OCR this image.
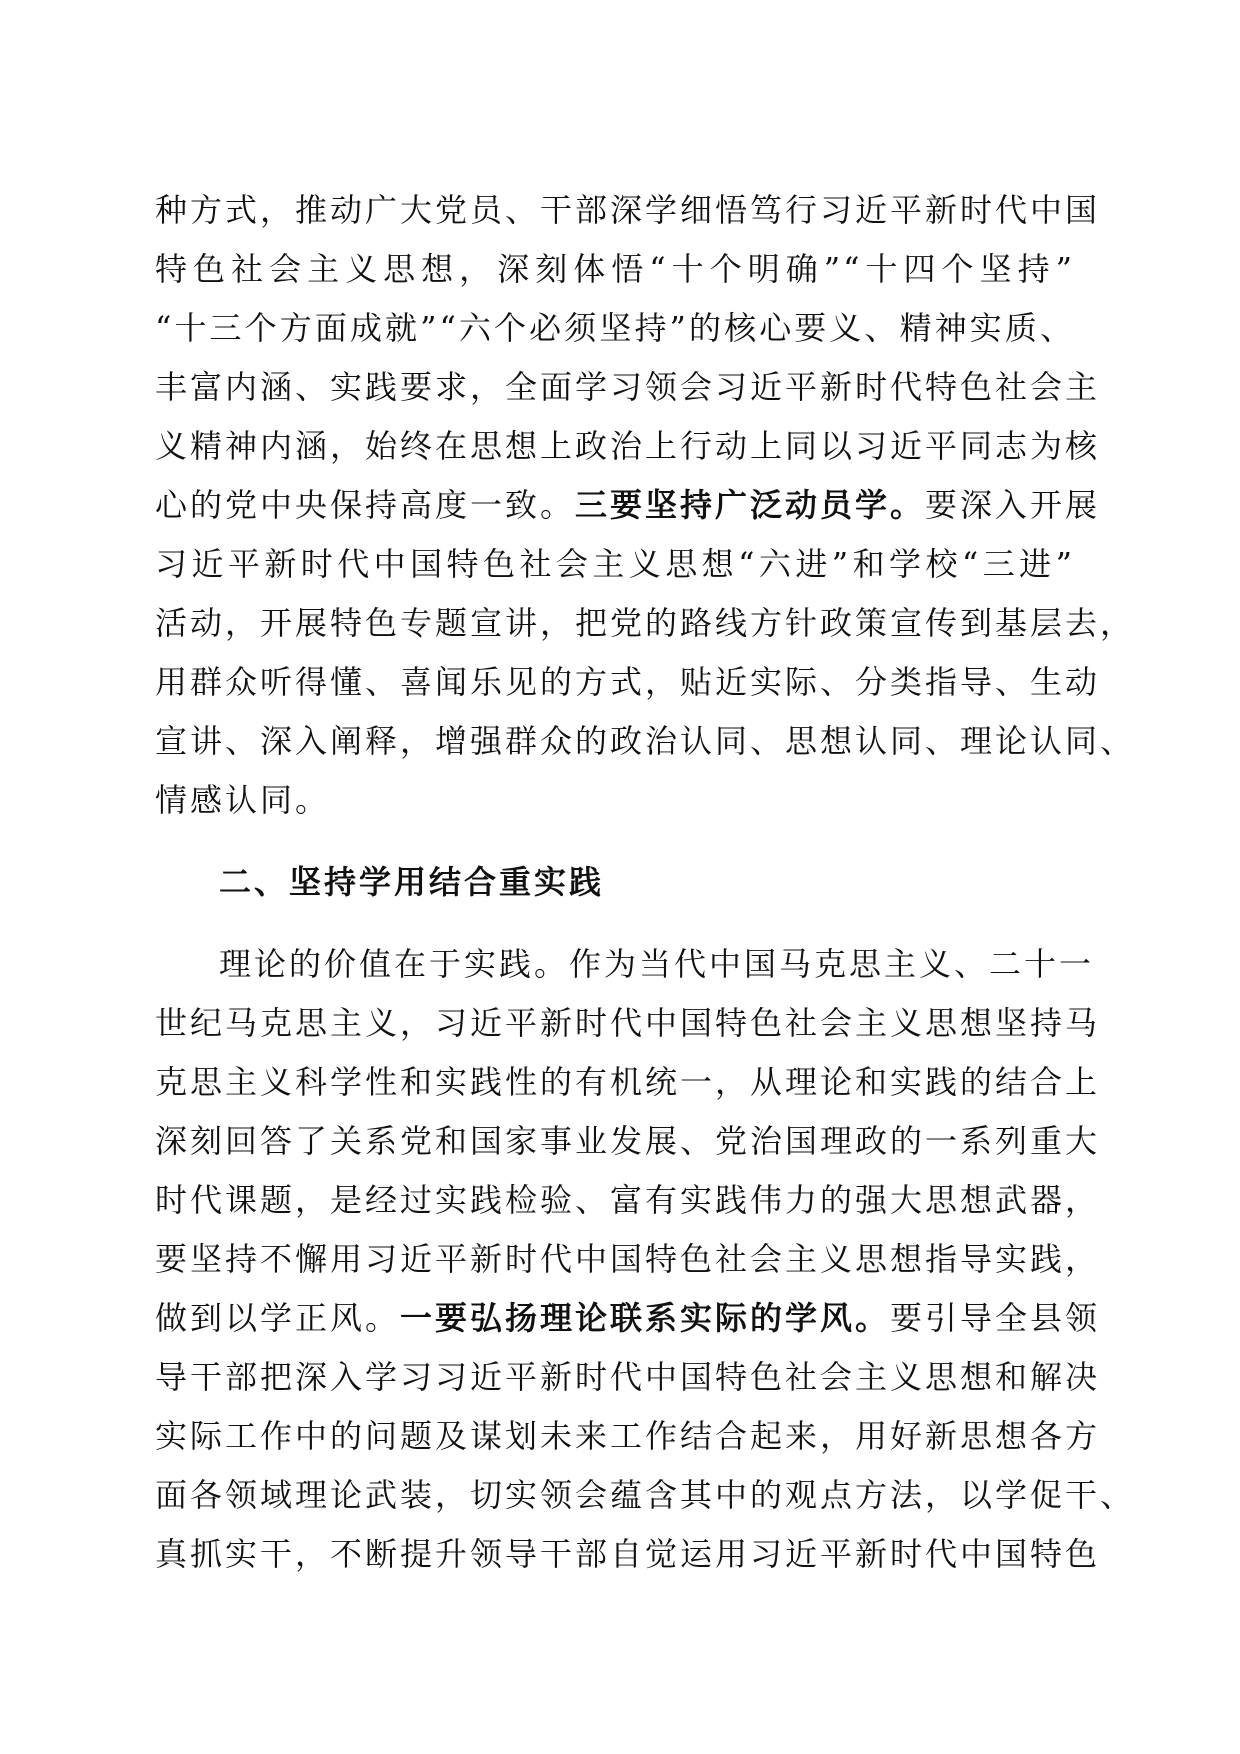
种方式，推动广大党员、干部深学细悟笃行习近平新时代中国
特色社会主义思想，深刻体悟“十个明确”“十四个坚持”
“十三个方面成就”“六个必须坚持”的核心要义、精神实质、
丰富内涵、实践要求，全面学习领会习近平新时代特色社会主
义精神内涵，始终在思想上政治上行动上同以习近平同志为核
心的党中央保持高度一致。三要坚持广泛动员学。要深入开展
习近平新时代中国特色社会主义思想“六进”和学校“三进”
活动，开展特色专题宣讲，把党的路线方针政策宣传到基层去，
用群众听得懂、喜闻乐见的方式，贴近实际、分类指导、生动
宣讲、深入阐释，增强群众的政治认同、思想认同、理论认同、
情感认同。
二、坚持学用结合重实践
理论的价值在于实践。作为当代中国马克思主义、二十一
世纪马克思主义，习近平新时代中国特色社会主义思想坚持马
克思主义科学性和实践性的有机统一，从理论和实践的结合上
深刻回答了关系党和国家事业发展、党治国理政的一系列重大
时代课题，是经过实践检验、富有实践伟力的强大思想武器，
要坚持不懈用习近平新时代中国特色社会主义思想指导实践，
做到以学正风。一要弘扬理论联系实际的学风。要引导全县领
导干部把深入学习习近平新时代中国特色社会主义思想和解决
实际工作中的问题及谋划未来工作结合起来，用好新思想各方
面各领域理论武装，切实领会蕴含其中的观点方法，以学促干、
真抓实干，不断提升领导干部自觉运用习近平新时代中国特色
